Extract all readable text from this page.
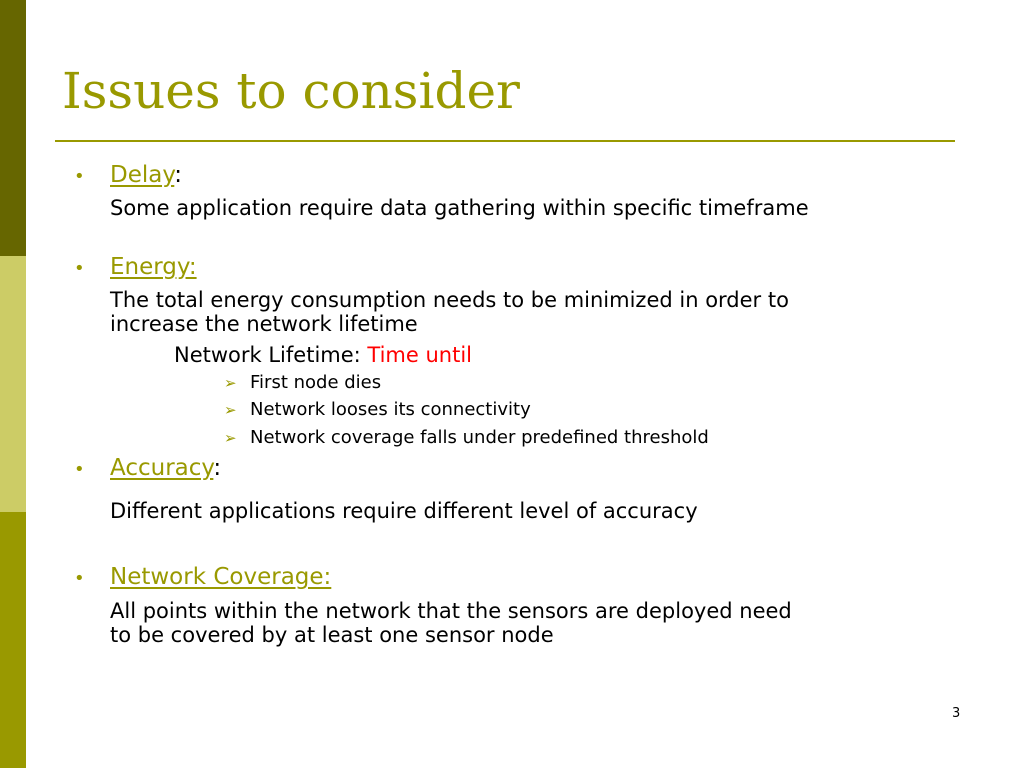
Issues to consider
• Delay:
Some application require data gathering within specific timeframe
• Energy:
The total energy consumption needs to be minimized in order to
increase the network lifetime
Network Lifetime: Time until
➢ First node dies
➢ Network looses its connectivity
➢ Network coverage falls under predefined threshold
• Accuracy:
Different applications require different level of accuracy
• Network Coverage:
All points within the network that the sensors are deployed need
to be covered by at least one sensor node
3
